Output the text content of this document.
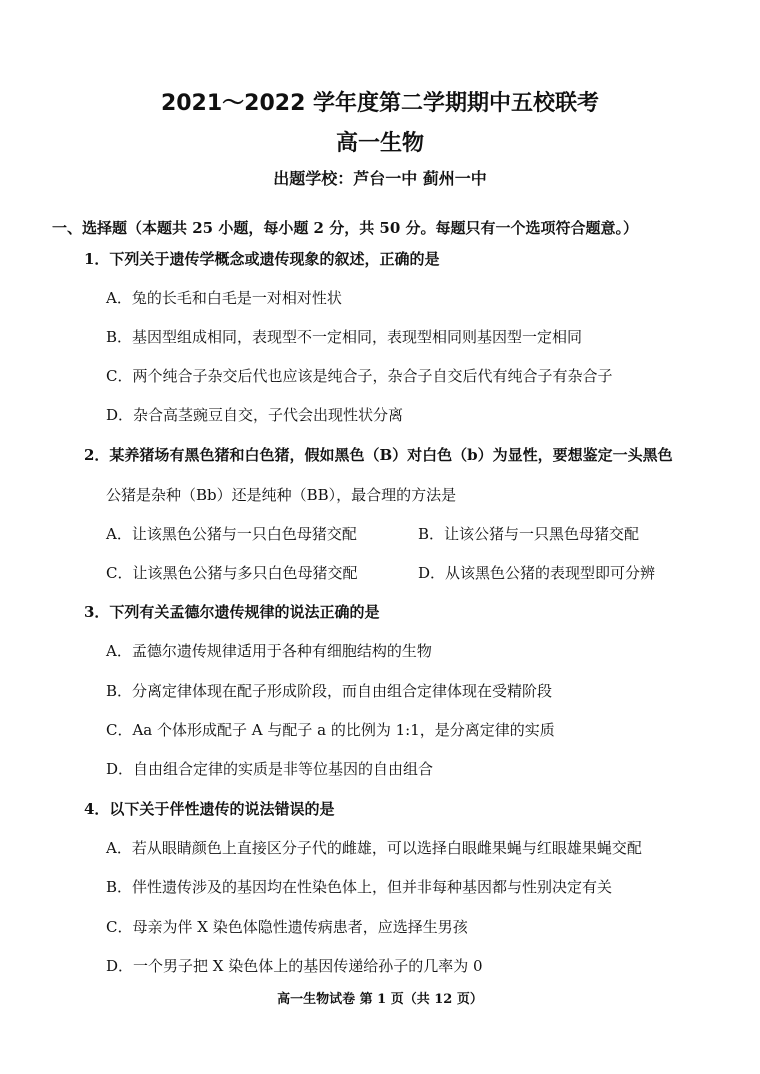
2021～2022 学年度第二学期期中五校联考
高一生物
出题学校：芦台一中 蓟州一中
一、选择题（本题共 25 小题，每小题 2 分，共 50 分。每题只有一个选项符合题意。）
1．下列关于遗传学概念或遗传现象的叙述，正确的是
A．兔的长毛和白毛是一对相对性状
B．基因型组成相同，表现型不一定相同，表现型相同则基因型一定相同
C．两个纯合子杂交后代也应该是纯合子，杂合子自交后代有纯合子有杂合子
D．杂合高茎豌豆自交，子代会出现性状分离
2．某养猪场有黑色猪和白色猪，假如黑色（B）对白色（b）为显性，要想鉴定一头黑色
公猪是杂种（Bb）还是纯种（BB），最合理的方法是
A．让该黑色公猪与一只白色母猪交配	B．让该公猪与一只黑色母猪交配
C．让该黑色公猪与多只白色母猪交配	D．从该黑色公猪的表现型即可分辨
3．下列有关孟德尔遗传规律的说法正确的是
A．孟德尔遗传规律适用于各种有细胞结构的生物
B．分离定律体现在配子形成阶段，而自由组合定律体现在受精阶段
C．Aa 个体形成配子 A 与配子 a 的比例为 1:1，是分离定律的实质
D．自由组合定律的实质是非等位基因的自由组合
4．以下关于伴性遗传的说法错误的是
A．若从眼睛颜色上直接区分子代的雌雄，可以选择白眼雌果蝇与红眼雄果蝇交配
B．伴性遗传涉及的基因均在性染色体上，但并非每种基因都与性别决定有关
C．母亲为伴 X 染色体隐性遗传病患者，应选择生男孩
D．一个男子把 X 染色体上的基因传递给孙子的几率为 0
高一生物试卷 第 1 页（共 12 页）
